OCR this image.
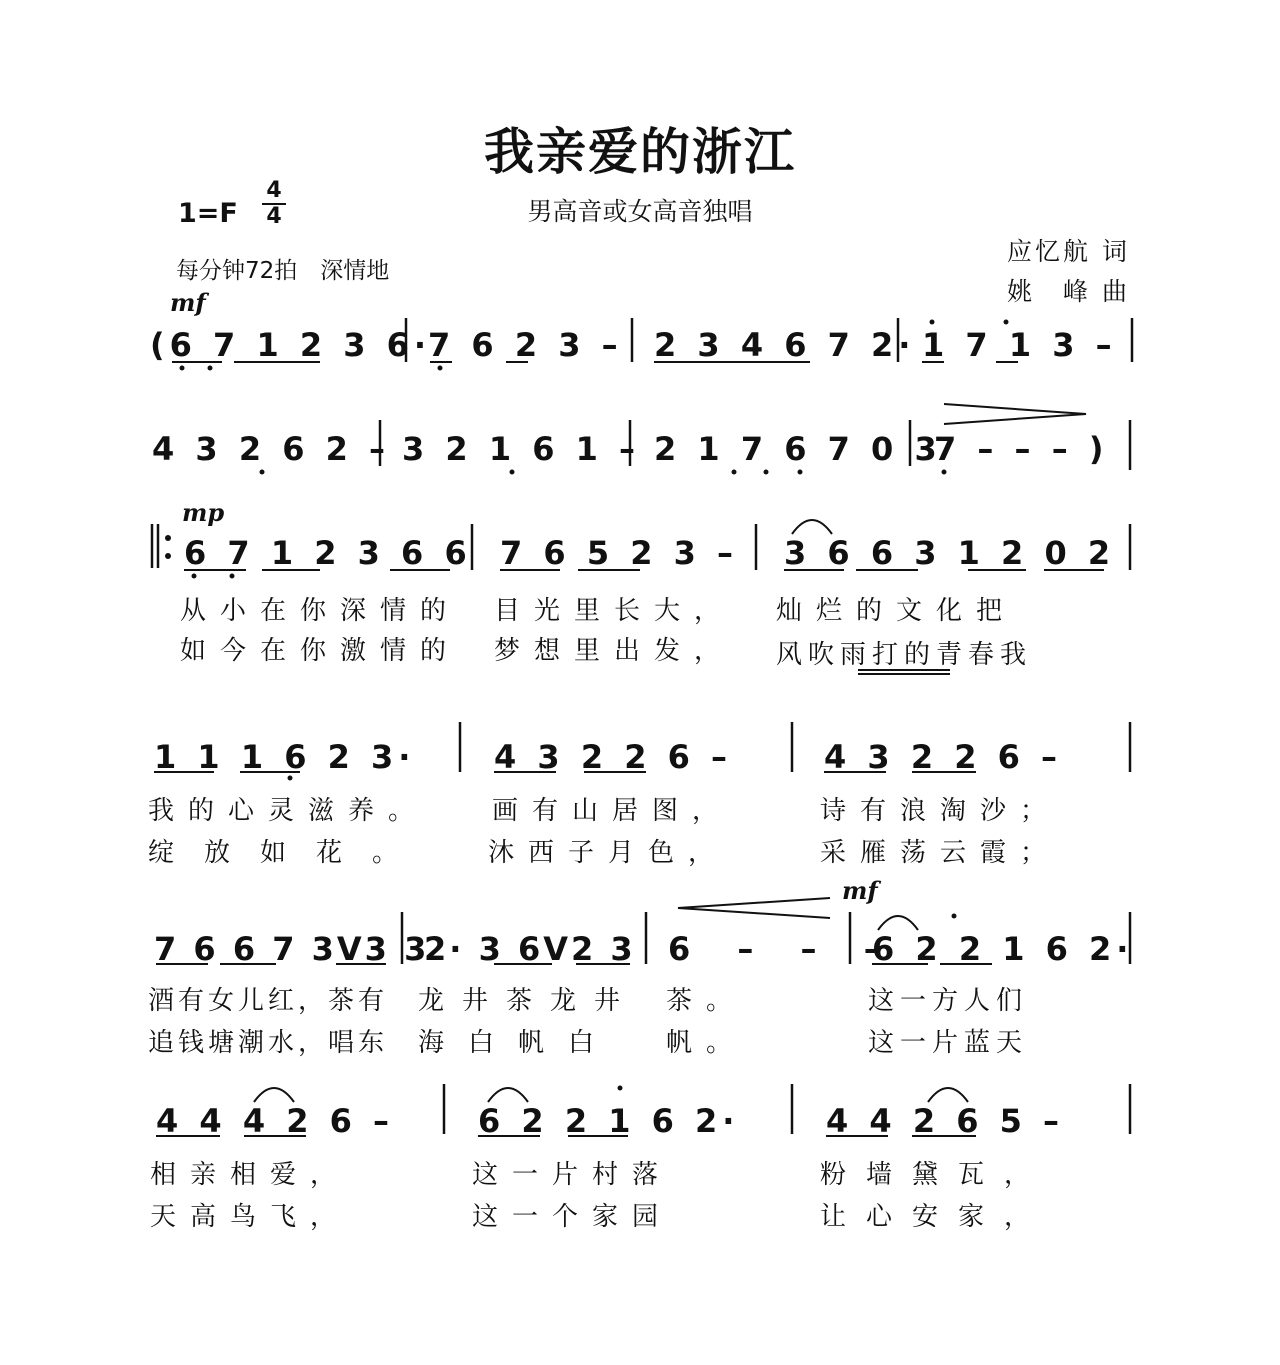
我亲爱的浙江
男高音或女高音独唱
1=F
4
4
每分钟72拍　深情地
应忆航 词
姚　峰 曲
mf
mp
mf
(6 7 1 2 3 6·
7 6 2 3 – 2 3 4 6 7 2· 1 7 1 3 –
4 3 2 6 2 – 3 2 1 6 1 – 2 1 7 6 7 0 3
7 – – – )
6 7 1 2 3 6 6 7 6 5 2 3 – 3 6 6 3 1 2 0 2
从小在你深情的 目光里长大， 灿烂的文化把
如今在你激情的 梦想里出发， 风吹雨打的青春我
1 1 1 6 2 3· 4 3 2 2 6 –	4 3 2 2 6 –
我的心灵滋养。 画有山居图，	诗有浪淘沙；
绽放如花。 沐西子月色，	采雁荡云霞；
7 6 6 7 3ᐯ3 3
2· 3 6ᐯ2 3 6 – – –
6 2 2 1 6 2·
酒有女儿红，茶有 龙井茶龙井 茶。	这一方人们
追钱塘潮水，唱东 海白帆白 帆。	这一片蓝天
4 4 4 2 6 –	6 2 2 1 6 2·	4 4 2 6 5 –
相亲相爱，	这一片村落	粉墙黛瓦，
天高鸟飞，	这一个家园	让心安家，
